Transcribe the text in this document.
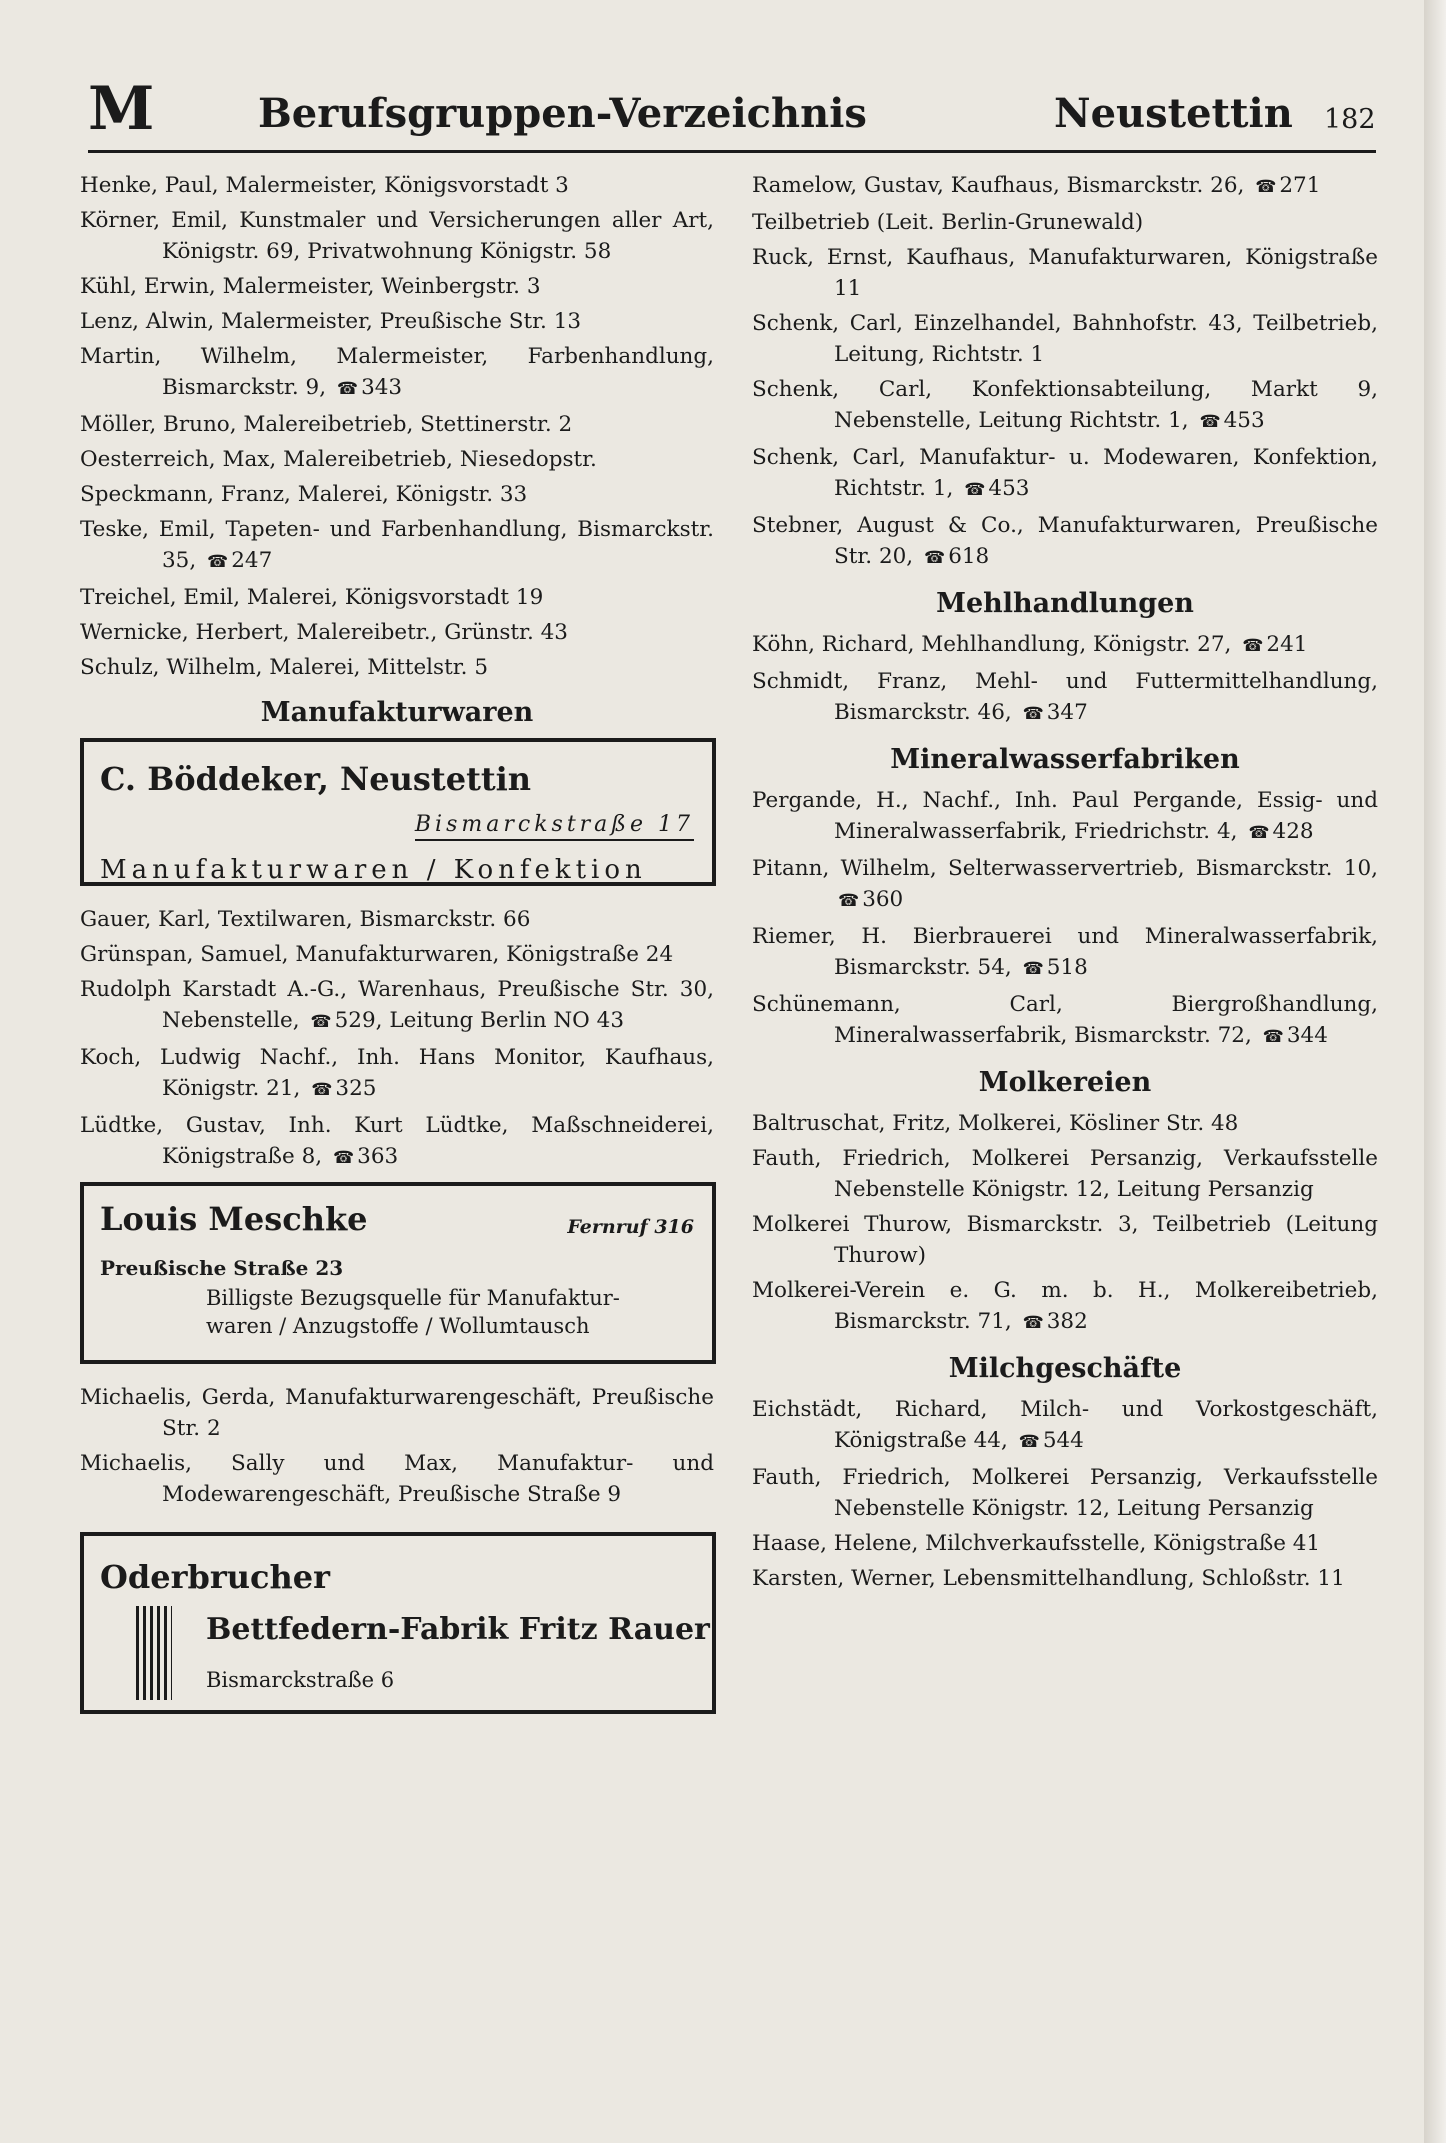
M	Berufsgruppen-Verzeichnis	Neustettin 182

Henke, Paul, Malermeister, Königsvorstadt 3

Körner, Emil, Kunstmaler und Versicherungen aller Art, Königstr. 69, Privatwohnung Königstr. 58

Kühl, Erwin, Malermeister, Weinbergstr. 3

Lenz, Alwin, Malermeister, Preußische Str. 13

Martin, Wilhelm, Malermeister, Farbenhandlung, Bismarckstr. 9, ☎ 343

Möller, Bruno, Malereibetrieb, Stettinerstr. 2

Oesterreich, Max, Malereibetrieb, Niesedopstr.

Speckmann, Franz, Malerei, Königstr. 33

Teske, Emil, Tapeten- und Farbenhandlung, Bismarckstr. 35, ☎ 247

Treichel, Emil, Malerei, Königsvorstadt 19

Wernicke, Herbert, Malereibetr., Grünstr. 43

Schulz, Wilhelm, Malerei, Mittelstr. 5

Manufakturwaren
C. Böddeker, Neustettin
Bismarckstraße 17
Manufakturwaren / Konfektion

Gauer, Karl, Textilwaren, Bismarckstr. 66

Grünspan, Samuel, Manufakturwaren, Königstraße 24

Rudolph Karstadt A.-G., Warenhaus, Preußische Str. 30, Nebenstelle, ☎ 529, Leitung Berlin NO 43

Koch, Ludwig Nachf., Inh. Hans Monitor, Kaufhaus, Königstr. 21, ☎ 325

Lüdtke, Gustav, Inh. Kurt Lüdtke, Maßschneiderei, Königstraße 8, ☎ 363

Louis Meschke	Fernruf 316
Preußische Straße 23
Billigste Bezugsquelle für Manufaktur-
waren / Anzugstoffe / Wollumtausch

Michaelis, Gerda, Manufakturwarengeschäft, Preußische Str. 2

Michaelis, Sally und Max, Manufaktur- und Modewarengeschäft, Preußische Straße 9

Oderbrucher
Bettfedern-Fabrik Fritz Rauer
Bismarckstraße 6

Ramelow, Gustav, Kaufhaus, Bismarckstr. 26, ☎ 271

Teilbetrieb (Leit. Berlin-Grunewald)

Ruck, Ernst, Kaufhaus, Manufakturwaren, Königstraße 11

Schenk, Carl, Einzelhandel, Bahnhofstr. 43, Teilbetrieb, Leitung, Richtstr. 1

Schenk, Carl, Konfektionsabteilung, Markt 9, Nebenstelle, Leitung Richtstr. 1, ☎ 453

Schenk, Carl, Manufaktur- u. Modewaren, Konfektion, Richtstr. 1, ☎ 453

Stebner, August & Co., Manufakturwaren, Preußische Str. 20, ☎ 618

Mehlhandlungen

Köhn, Richard, Mehlhandlung, Königstr. 27, ☎ 241

Schmidt, Franz, Mehl- und Futtermittelhandlung, Bismarckstr. 46, ☎ 347

Mineralwasserfabriken

Pergande, H., Nachf., Inh. Paul Pergande, Essig- und Mineralwasserfabrik, Friedrichstr. 4, ☎ 428

Pitann, Wilhelm, Selterwasservertrieb, Bismarckstr. 10, ☎ 360

Riemer, H. Bierbrauerei und Mineralwasserfabrik, Bismarckstr. 54, ☎ 518

Schünemann, Carl, Biergroßhandlung, Mineralwasserfabrik, Bismarckstr. 72, ☎ 344

Molkereien

Baltruschat, Fritz, Molkerei, Kösliner Str. 48

Fauth, Friedrich, Molkerei Persanzig, Verkaufsstelle Nebenstelle Königstr. 12, Leitung Persanzig

Molkerei Thurow, Bismarckstr. 3, Teilbetrieb (Leitung Thurow)

Molkerei-Verein e. G. m. b. H., Molkereibetrieb, Bismarckstr. 71, ☎ 382

Milchgeschäfte

Eichstädt, Richard, Milch- und Vorkostgeschäft, Königstraße 44, ☎ 544

Fauth, Friedrich, Molkerei Persanzig, Verkaufsstelle Nebenstelle Königstr. 12, Leitung Persanzig

Haase, Helene, Milchverkaufsstelle, Königstraße 41

Karsten, Werner, Lebensmittelhandlung, Schloßstr. 11
